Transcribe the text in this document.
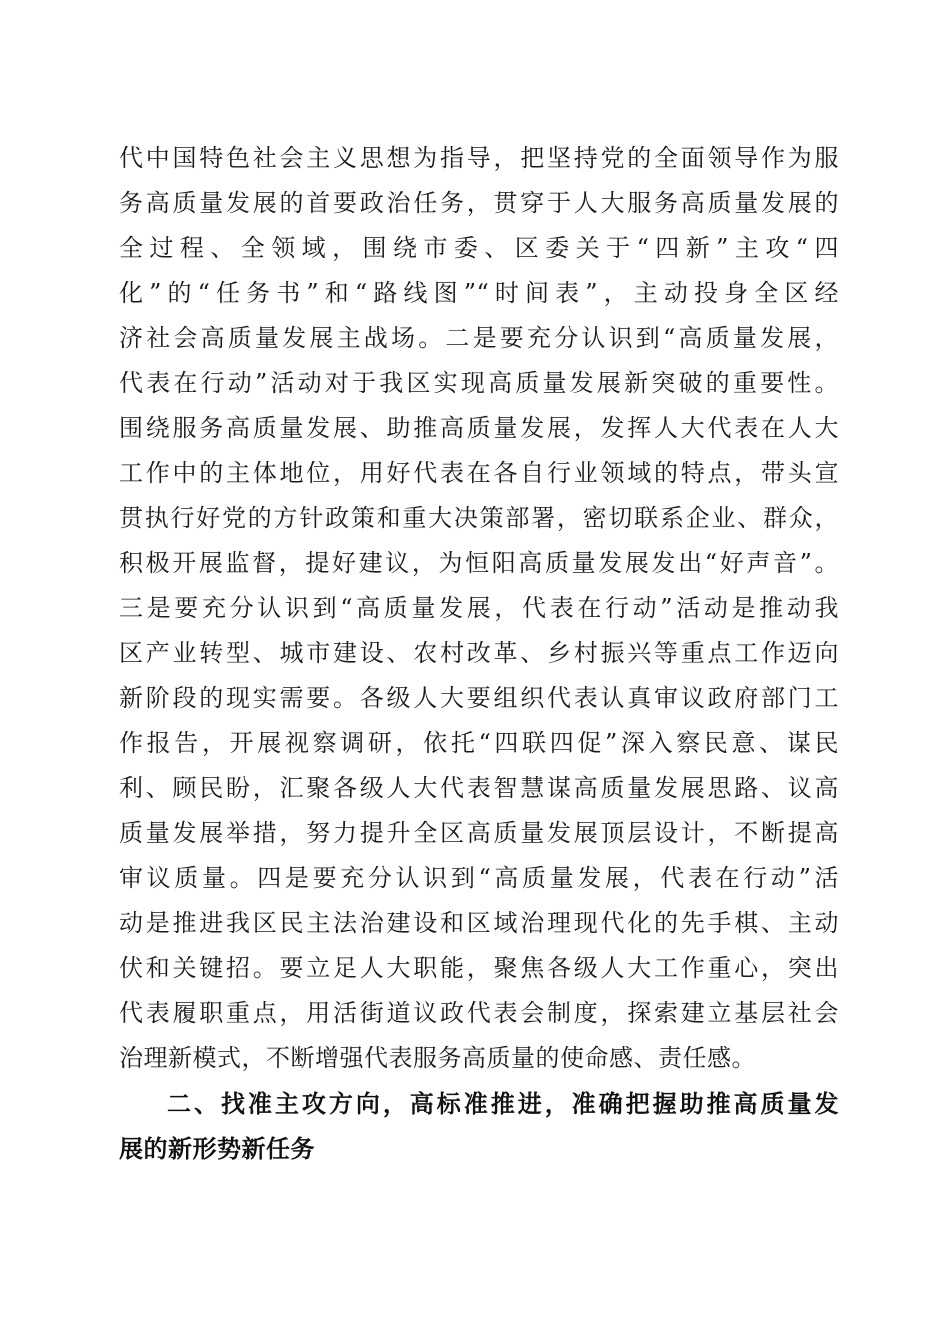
代中国特色社会主义思想为指导，把坚持党的全面领导作为服
务高质量发展的首要政治任务，贯穿于人大服务高质量发展的
全过程、全领域，围绕市委、区委关于“四新”主攻“四
化”的“任务书”和“路线图”“时间表”，主动投身全区经
济社会高质量发展主战场。二是要充分认识到“高质量发展，
代表在行动”活动对于我区实现高质量发展新突破的重要性。
围绕服务高质量发展、助推高质量发展，发挥人大代表在人大
工作中的主体地位，用好代表在各自行业领域的特点，带头宣
贯执行好党的方针政策和重大决策部署，密切联系企业、群众，
积极开展监督，提好建议，为恒阳高质量发展发出“好声音”。
三是要充分认识到“高质量发展，代表在行动”活动是推动我
区产业转型、城市建设、农村改革、乡村振兴等重点工作迈向
新阶段的现实需要。各级人大要组织代表认真审议政府部门工
作报告，开展视察调研，依托“四联四促”深入察民意、谋民
利、顾民盼，汇聚各级人大代表智慧谋高质量发展思路、议高
质量发展举措，努力提升全区高质量发展顶层设计，不断提高
审议质量。四是要充分认识到“高质量发展，代表在行动”活
动是推进我区民主法治建设和区域治理现代化的先手棋、主动
伏和关键招。要立足人大职能，聚焦各级人大工作重心，突出
代表履职重点，用活街道议政代表会制度，探索建立基层社会
治理新模式，不断增强代表服务高质量的使命感、责任感。
二、找准主攻方向，高标准推进，准确把握助推高质量发
展的新形势新任务
